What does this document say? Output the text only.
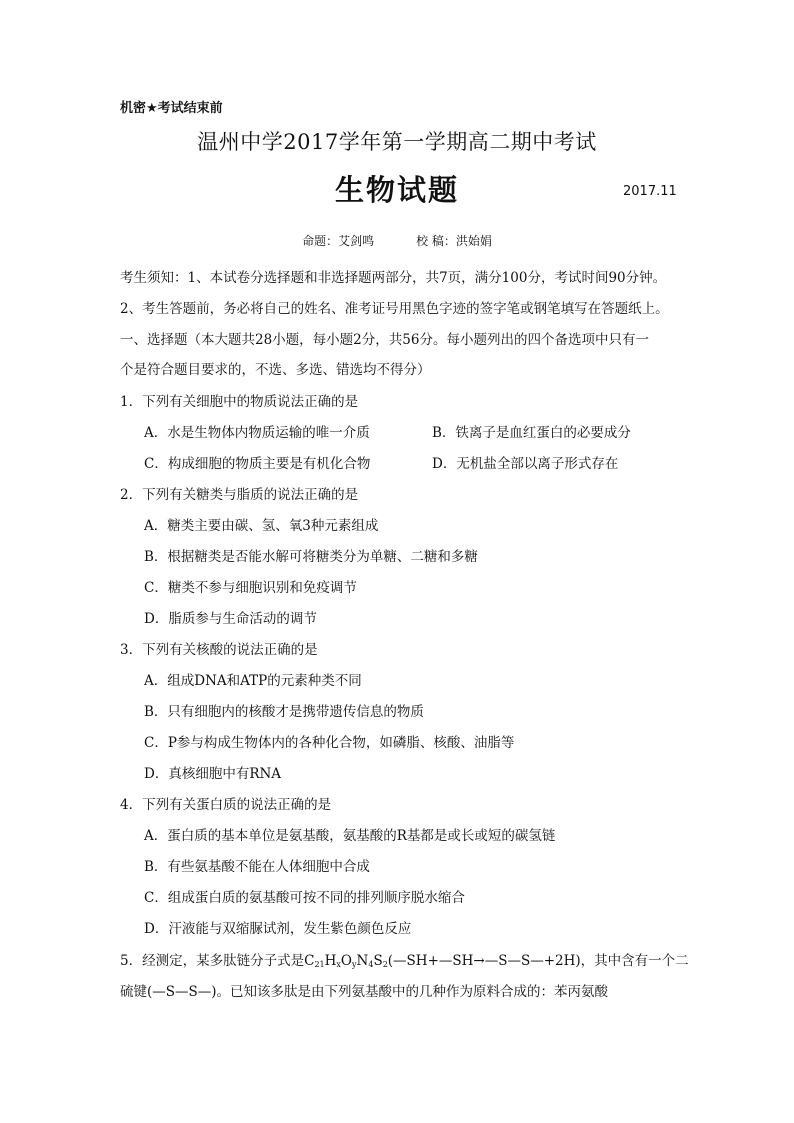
机密★考试结束前
温州中学2017学年第一学期高二期中考试
生物试题	2017.11
命题：艾剑鸣	校 稿：洪始娟
考生须知：1、本试卷分选择题和非选择题两部分，共7页，满分100分，考试时间90分钟。
2、考生答题前，务必将自己的姓名、准考证号用黑色字迹的签字笔或钢笔填写在答题纸上。
一、选择题（本大题共28小题，每小题2分，共56分。每小题列出的四个备选项中只有一
个是符合题目要求的，不选、多选、错选均不得分）
1．下列有关细胞中的物质说法正确的是
A．水是生物体内物质运输的唯一介质	B．铁离子是血红蛋白的必要成分
C．构成细胞的物质主要是有机化合物	D．无机盐全部以离子形式存在
2．下列有关糖类与脂质的说法正确的是
A．糖类主要由碳、氢、氧3种元素组成
B．根据糖类是否能水解可将糖类分为单糖、二糖和多糖
C．糖类不参与细胞识别和免疫调节
D．脂质参与生命活动的调节
3．下列有关核酸的说法正确的是
A．组成DNA和ATP的元素种类不同
B．只有细胞内的核酸才是携带遗传信息的物质
C．P参与构成生物体内的各种化合物，如磷脂、核酸、油脂等
D．真核细胞中有RNA
4．下列有关蛋白质的说法正确的是
A．蛋白质的基本单位是氨基酸，氨基酸的R基都是或长或短的碳氢链
B．有些氨基酸不能在人体细胞中合成
C．组成蛋白质的氨基酸可按不同的排列顺序脱水缩合
D．汗液能与双缩脲试剂，发生紫色颜色反应
5．经测定，某多肽链分子式是$C_{21}H_xO_yN_4S_2(—SH+—SH\to—S—S—+2H)$，其中含有一个二
硫键(—S—S—)。已知该多肽是由下列氨基酸中的几种作为原料合成的：苯丙氨酸
